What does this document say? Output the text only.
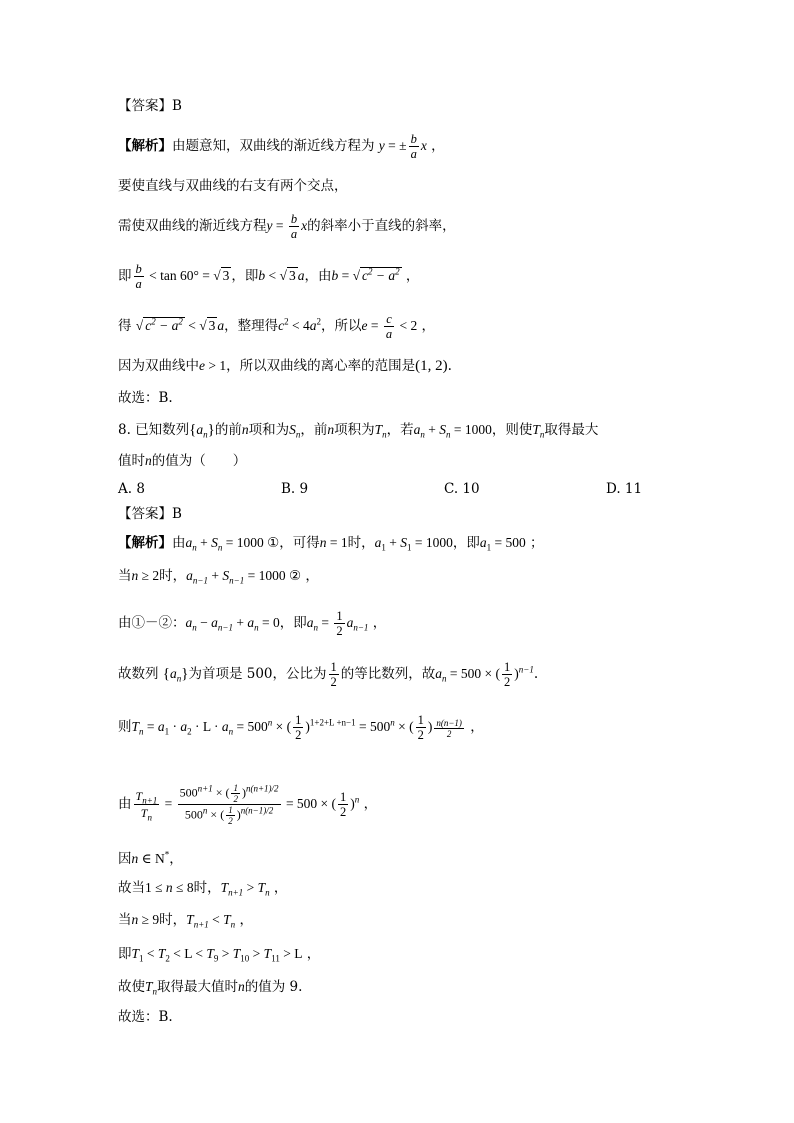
【答案】B
【解析】由题意知，双曲线的渐近线方程为 y = ± $\frac{b}{a}$ x ，
要使直线与双曲线的右支有两个交点，
需使双曲线的渐近线方程$y = \frac{b}{a}$ x的斜率小于直线的斜率，
即 $\frac{b}{a} < \tan 60^\circ$ = √ 3 ，即b < √ 3 a，由b = √ $c^2 - a^2$ ，
得 √ $c^2 - a^2$ < √ 3 a，整理得$c^2 < 4a^2$，所以$e = \frac{c}{a} < 2$ ，
因为双曲线中e > 1，所以双曲线的离心率的范围是(1, 2).
故选：B.
8. 已知数列$\{a_n\}$的前n项和为$S_n$，前n项积为$T_n$，若$a_n + S_n = 1000$，则使$T_n$取得最大
值时n的值为（　　）
A. 8	B. 9	C. 10	D. 11
【答案】B
【解析】由$a_n + S_n = 1000$ ①，可得n = 1时，$a_1 + S_1 = 1000$，即$a_1 = 500$ ；
当n ≥ 2时，$a_{n-1} + S_{n-1} = 1000$ ② ，
由①－②：$a_n - a_{n-1} + a_n = 0$，即$a_n = \frac{1}{2} a_{n-1}$ ，
故数列 $\{a_n\}$为首项是 500，公比为 $\frac{1}{2}$ 的等比数列，故$a_n = 500$ × ( $\frac{1}{2} )^{n-1}$.
则$T_n = a_1 \cdot a_2 \cdot L \cdot a_n = 500^n$ × ( $\frac{1}{2} )^{1+2+L +n-1} = 500^n$ × ( $\frac{1}{2}$ ) $^{\frac{n(n-1)}{2}}$ ，
由 $\frac{T_{n+1}}{T_n} = \frac{500^{n+1} \times ( \frac{1}{2} )^{n(n+1)/2}}{500^n \times ( \frac{1}{2} )^{n(n-1)/2}} = 500$ × ( $\frac{1}{2} )^n$ ，
因n ∈ N*，
故当1 ≤ n ≤ 8时，$T_{n+1} > T_n$ ，
当n ≥ 9时，$T_{n+1} < T_n$ ，
即$T_1 < T_2 < L < T_9 > T_{10} > T_{11} > L$ ，
故使$T_n$取得最大值时n的值为 9.
故选：B.
